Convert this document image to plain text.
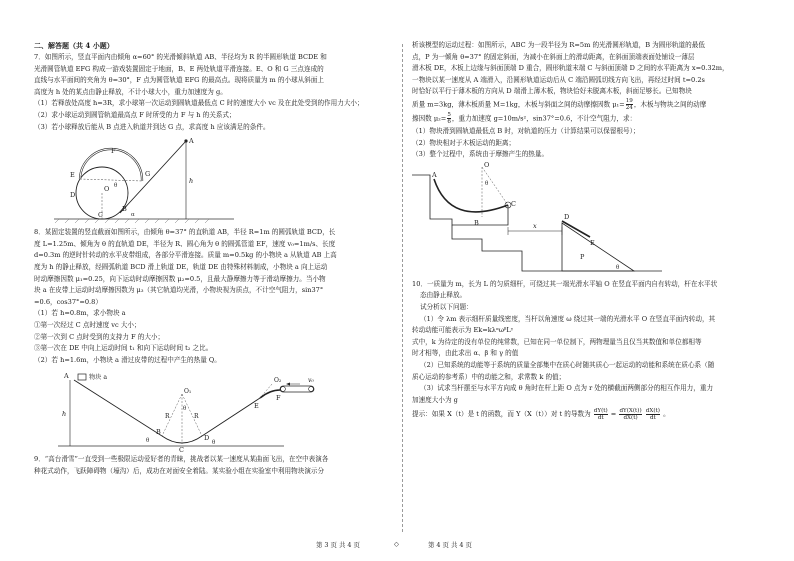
二、解答题（共 4 小题）
7．如图所示，竖直平面内由倾角 α=60° 的光滑倾斜轨道 AB、半径均为 R 的半圆形轨道 BCDE 和
光滑圆管轨道 EFG 构成一游戏装置固定于地面，B、E 两处轨道平滑连接。E、O 和 G 三点连成的
直线与水平面间的夹角为 θ=30°，F 点为圆管轨道 EFG 的最高点。现将质量为 m 的小球从斜面上
高度为 h 处的某点由静止释放，不计小球大小，重力加速度为 g。
（1）若释放处高度 h=3R，求小球第一次运动到圆轨道最低点 C 时的速度大小 vc 及在此处受到的作用力大小；
（2）求小球运动到圆管轨道最高点 F 时所受的力 F 与 h 的关系式；
（3）若小球释放后能从 B 点进入轨道并到达 G 点，求高度 h 应该满足的条件。
F
G
E
O
D
C
B
A
h
θ
α
8．某固定装置的竖直截面如图所示，由倾角 θ=37° 的直轨道 AB，半径 R=1m 的圆弧轨道 BCD，长
度 L=1.25m、倾角为 θ 的直轨道 DE，半径为 R、圆心角为 θ 的圆弧管道 EF，速度 v₀=1m/s、长度
d=0.3m 的逆时针转动的水平皮带组成，各部分平滑连接。质量 m=0.5kg 的小物块 a 从轨道 AB 上高
度为 h 的静止释放，经圆弧轨道 BCD 滑上轨道 DE，轨道 DE 由特殊材料制成，小物块 a 向上运动
时动摩擦因数 μ₁=0.25，向下运动时动摩擦因数 μ₂=0.5，且最大静摩擦力等于滑动摩擦力。当小物
块 a 在皮带上运动时动摩擦因数为 μ₃（其它轨道均光滑，小物块视为质点，不计空气阻力，sin37°
=0.6，cos37°=0.8）
（1）若 h=0.8m，求小物块 a
①第一次经过 C 点时速度 vc 大小；
②第一次到 C 点时受到的支持力 F 的大小；
③第一次在 DE 中向上运动时间 t₁ 和向下运动时间 t₂ 之比。
（2）若 h=1.6m，小物块 a 滑过皮带的过程中产生的热量 Q。
A	物块 a
h
B
C
D
E
F
O₁
O₂
R	R
θ
θ
θ
v₀
9．“高台滑雪”一直受到一些极限运动爱好者的青睐，挑战者以某一速度从某曲面飞出，在空中表演各
种花式动作，飞跃障碍物（壕沟）后，成功在对面安全着陆。某实验小组在实验室中利用物块演示分
析该模型的运动过程：如图所示，ABC 为一段半径为 R=5m 的光滑圆形轨道，B 为圆形轨道的最低
点，P 为一倾角 θ=37° 的固定斜面，为减小在斜面上的滑动距离，在斜面顶端表面处铺设一薄层
滑木板 DE，木板上边缘与斜面顶端 D 重合，圆形轨道末端 C 与斜面顶端 D 之间的水平距离为 x=0.32m，
一物块以某一速度从 A 端滑入，沿圆形轨道运动后从 C 端沿圆弧切线方向飞出，再经过时间 t=0.2s
时恰好以平行于薄木板的方向从 D 端滑上薄木板，物块恰好未脱离木板，斜面足够长。已知物块
质量 m=3kg，薄木板质量 M=1kg，木板与斜面之间的动摩擦因数 $\mu_1= \frac{19}{24}$ ，木板与物块之间的动摩
擦因数 $\mu_2= \frac{5}{6}$ ，重力加速度 g=10m/s²，sin37°=0.6，不计空气阻力，求：
（1）物块滑到圆轨道最低点 B 时，对轨道的压力（计算结果可以保留根号）；
（2）物块相对于木板运动的距离；
（3）整个过程中，系统由于摩擦产生的热量。
A
O
B
C
D
E
P
x
θ
θ
10．一质量为 m，长为 L 的匀质细杆，可绕过其一端光滑水平轴 O 在竖直平面内自有转动，杆在水平状
态由静止释放。
试分析以下问题：
（1）令 λm 表示细杆质量线密度，当杆以角速度 ω 绕过其一端的光滑水平 O 在竖直平面内转动，其
转动动能可能表示为 Ek=kλᵅωᵝLᵞ
式中，k 为待定的没有单位的纯常数，已知在同一单位制下，两物理量当且仅当其数值和单位都相等
时才相等，由此求出 α、β 和 γ 的值
（2）已知系统的动能等于系统的质量全部集中在质心时随其质心一起运动的动能和系统在质心系（随
质心运动的参考系）中的动能之和，求常数 k 的值；
（3）试求当杆摆至与水平方向成 θ 角时在杆上距 O 点为 r 处的横截面两侧部分的相互作用力，重力
加速度大小为 g
提示：如果 X（t）是 t 的函数，而 Y（X（t））对 t 的导数为 $\frac{dY(t)}{dt} = \frac{dY(X(t))}{dX(t)}$
$\frac{dX(t)}{dt}$ 。
第 3 页 共 4 页	◇	第 4 页 共 4 页
